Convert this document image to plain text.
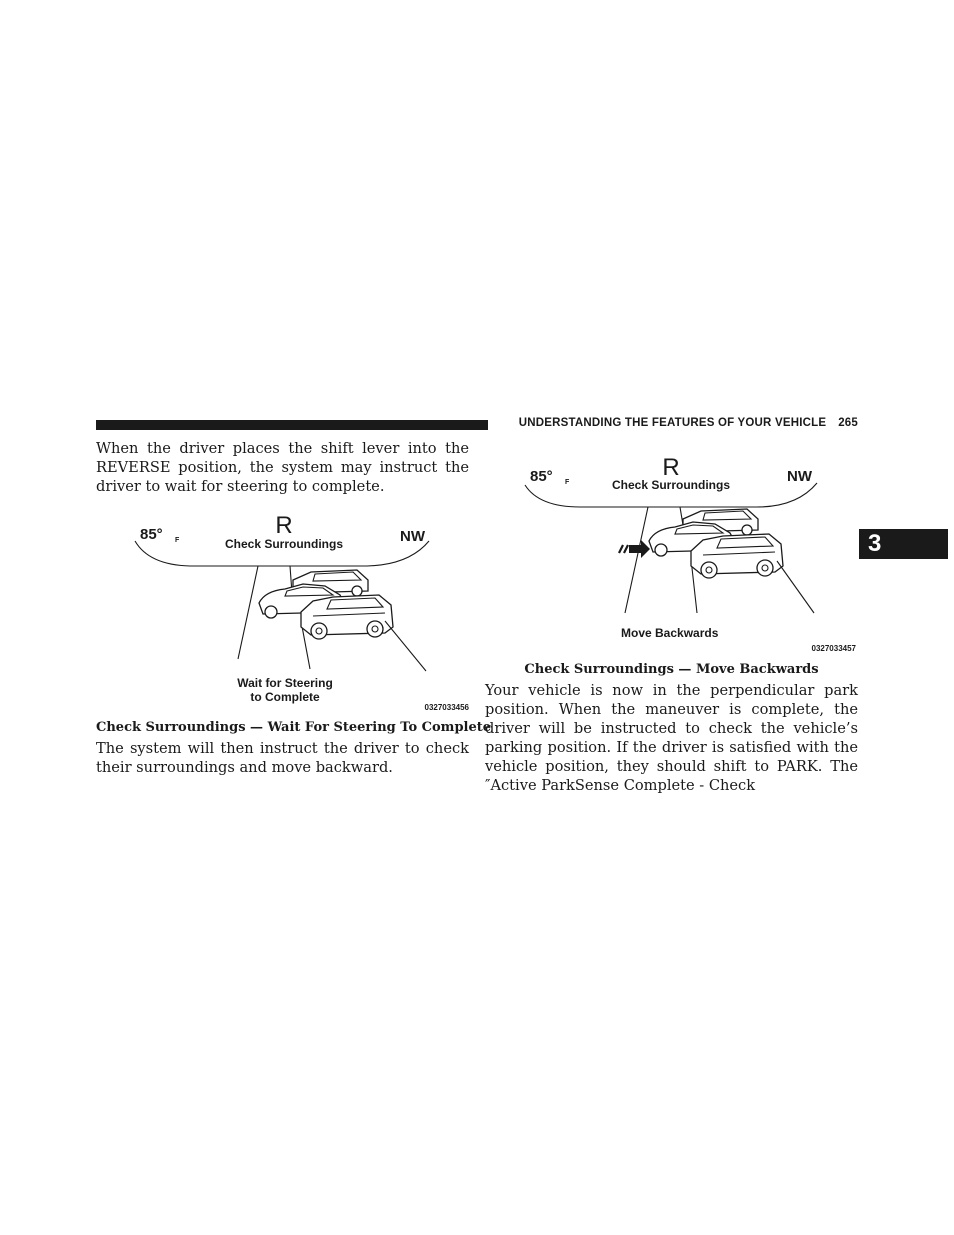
UNDERSTANDING THE FEATURES OF YOUR VEHICLE 265
3

When the driver places the shift lever into the REVERSE position, the system may instruct the driver to wait for steering to complete.

85° F
R
Check Surroundings	NW
Wait for Steering
to Complete
0327033456

Check Surroundings — Wait For Steering To Complete

The system will then instruct the driver to check their surroundings and move backward.

85° F
R
Check Surroundings	NW
Move Backwards
0327033457

Check Surroundings — Move Backwards

Your vehicle is now in the perpendicular park position. When the maneuver is complete, the driver will be instructed to check the vehicle’s parking position. If the driver is satisfied with the vehicle position, they should shift to PARK. The ″Active ParkSense Complete - Check
